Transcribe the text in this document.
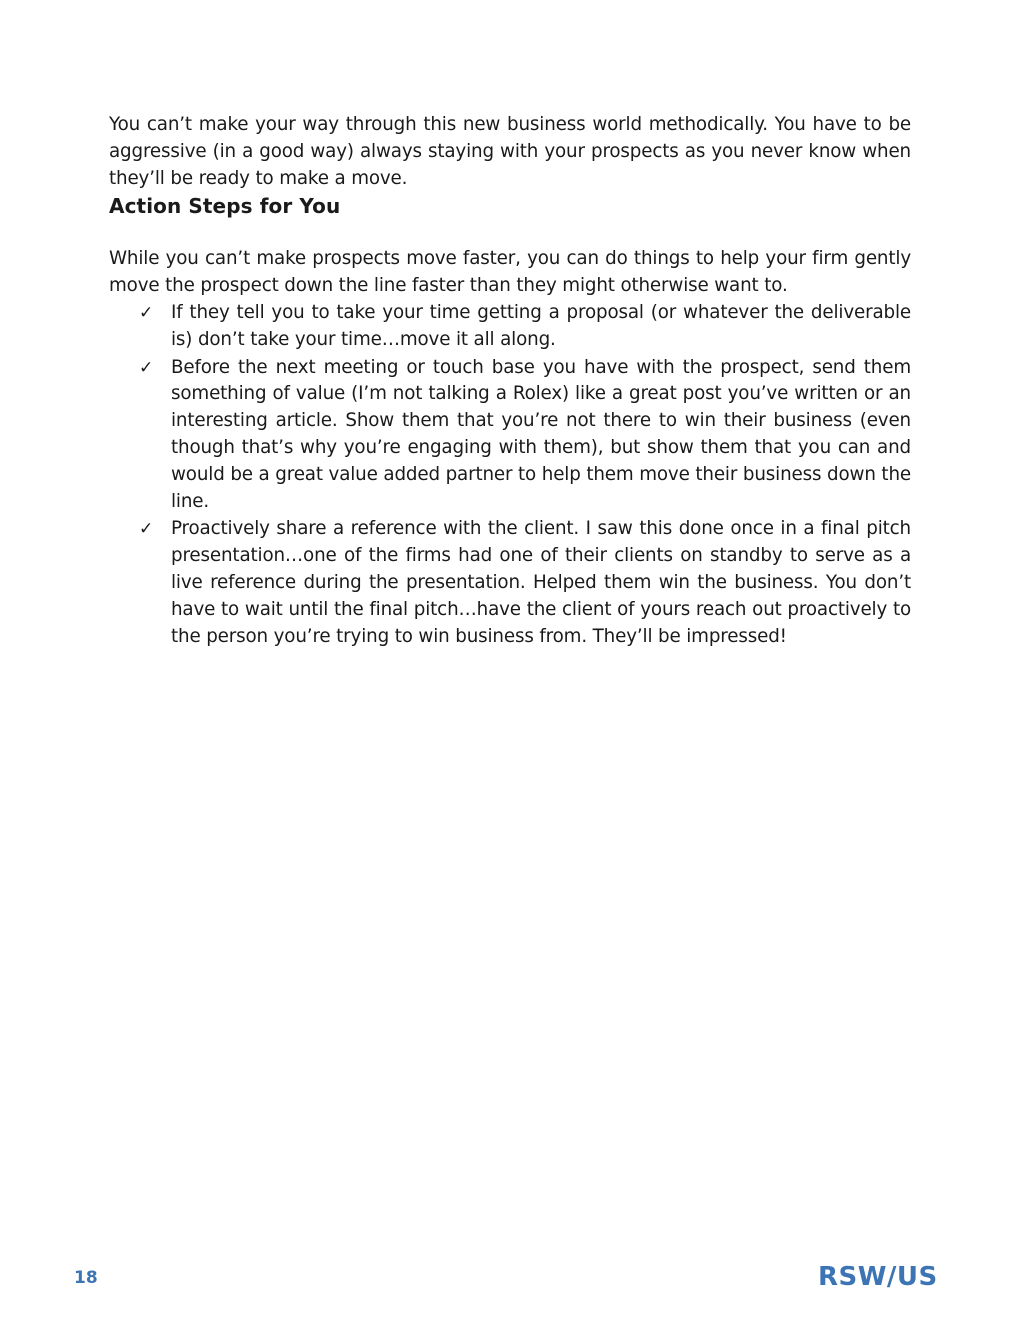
You can’t make your way through this new business world methodically. You have to be aggressive (in a good way) always staying with your prospects as you never know when they’ll be ready to make a move.

Action Steps for You

While you can’t make prospects move faster, you can do things to help your firm gently move the prospect down the line faster than they might otherwise want to.

✓ If they tell you to take your time getting a proposal (or whatever the deliverable is) don’t take your time…move it all along.

✓ Before the next meeting or touch base you have with the prospect, send them something of value (I’m not talking a Rolex) like a great post you’ve written or an interesting article. Show them that you’re not there to win their business (even though that’s why you’re engaging with them), but show them that you can and would be a great value added partner to help them move their business down the line.

✓ Proactively share a reference with the client. I saw this done once in a final pitch presentation…one of the firms had one of their clients on standby to serve as a live reference during the presentation. Helped them win the business. You don’t have to wait until the final pitch…have the client of yours reach out proactively to the person you’re trying to win business from. They’ll be impressed!

18	RSW/US
